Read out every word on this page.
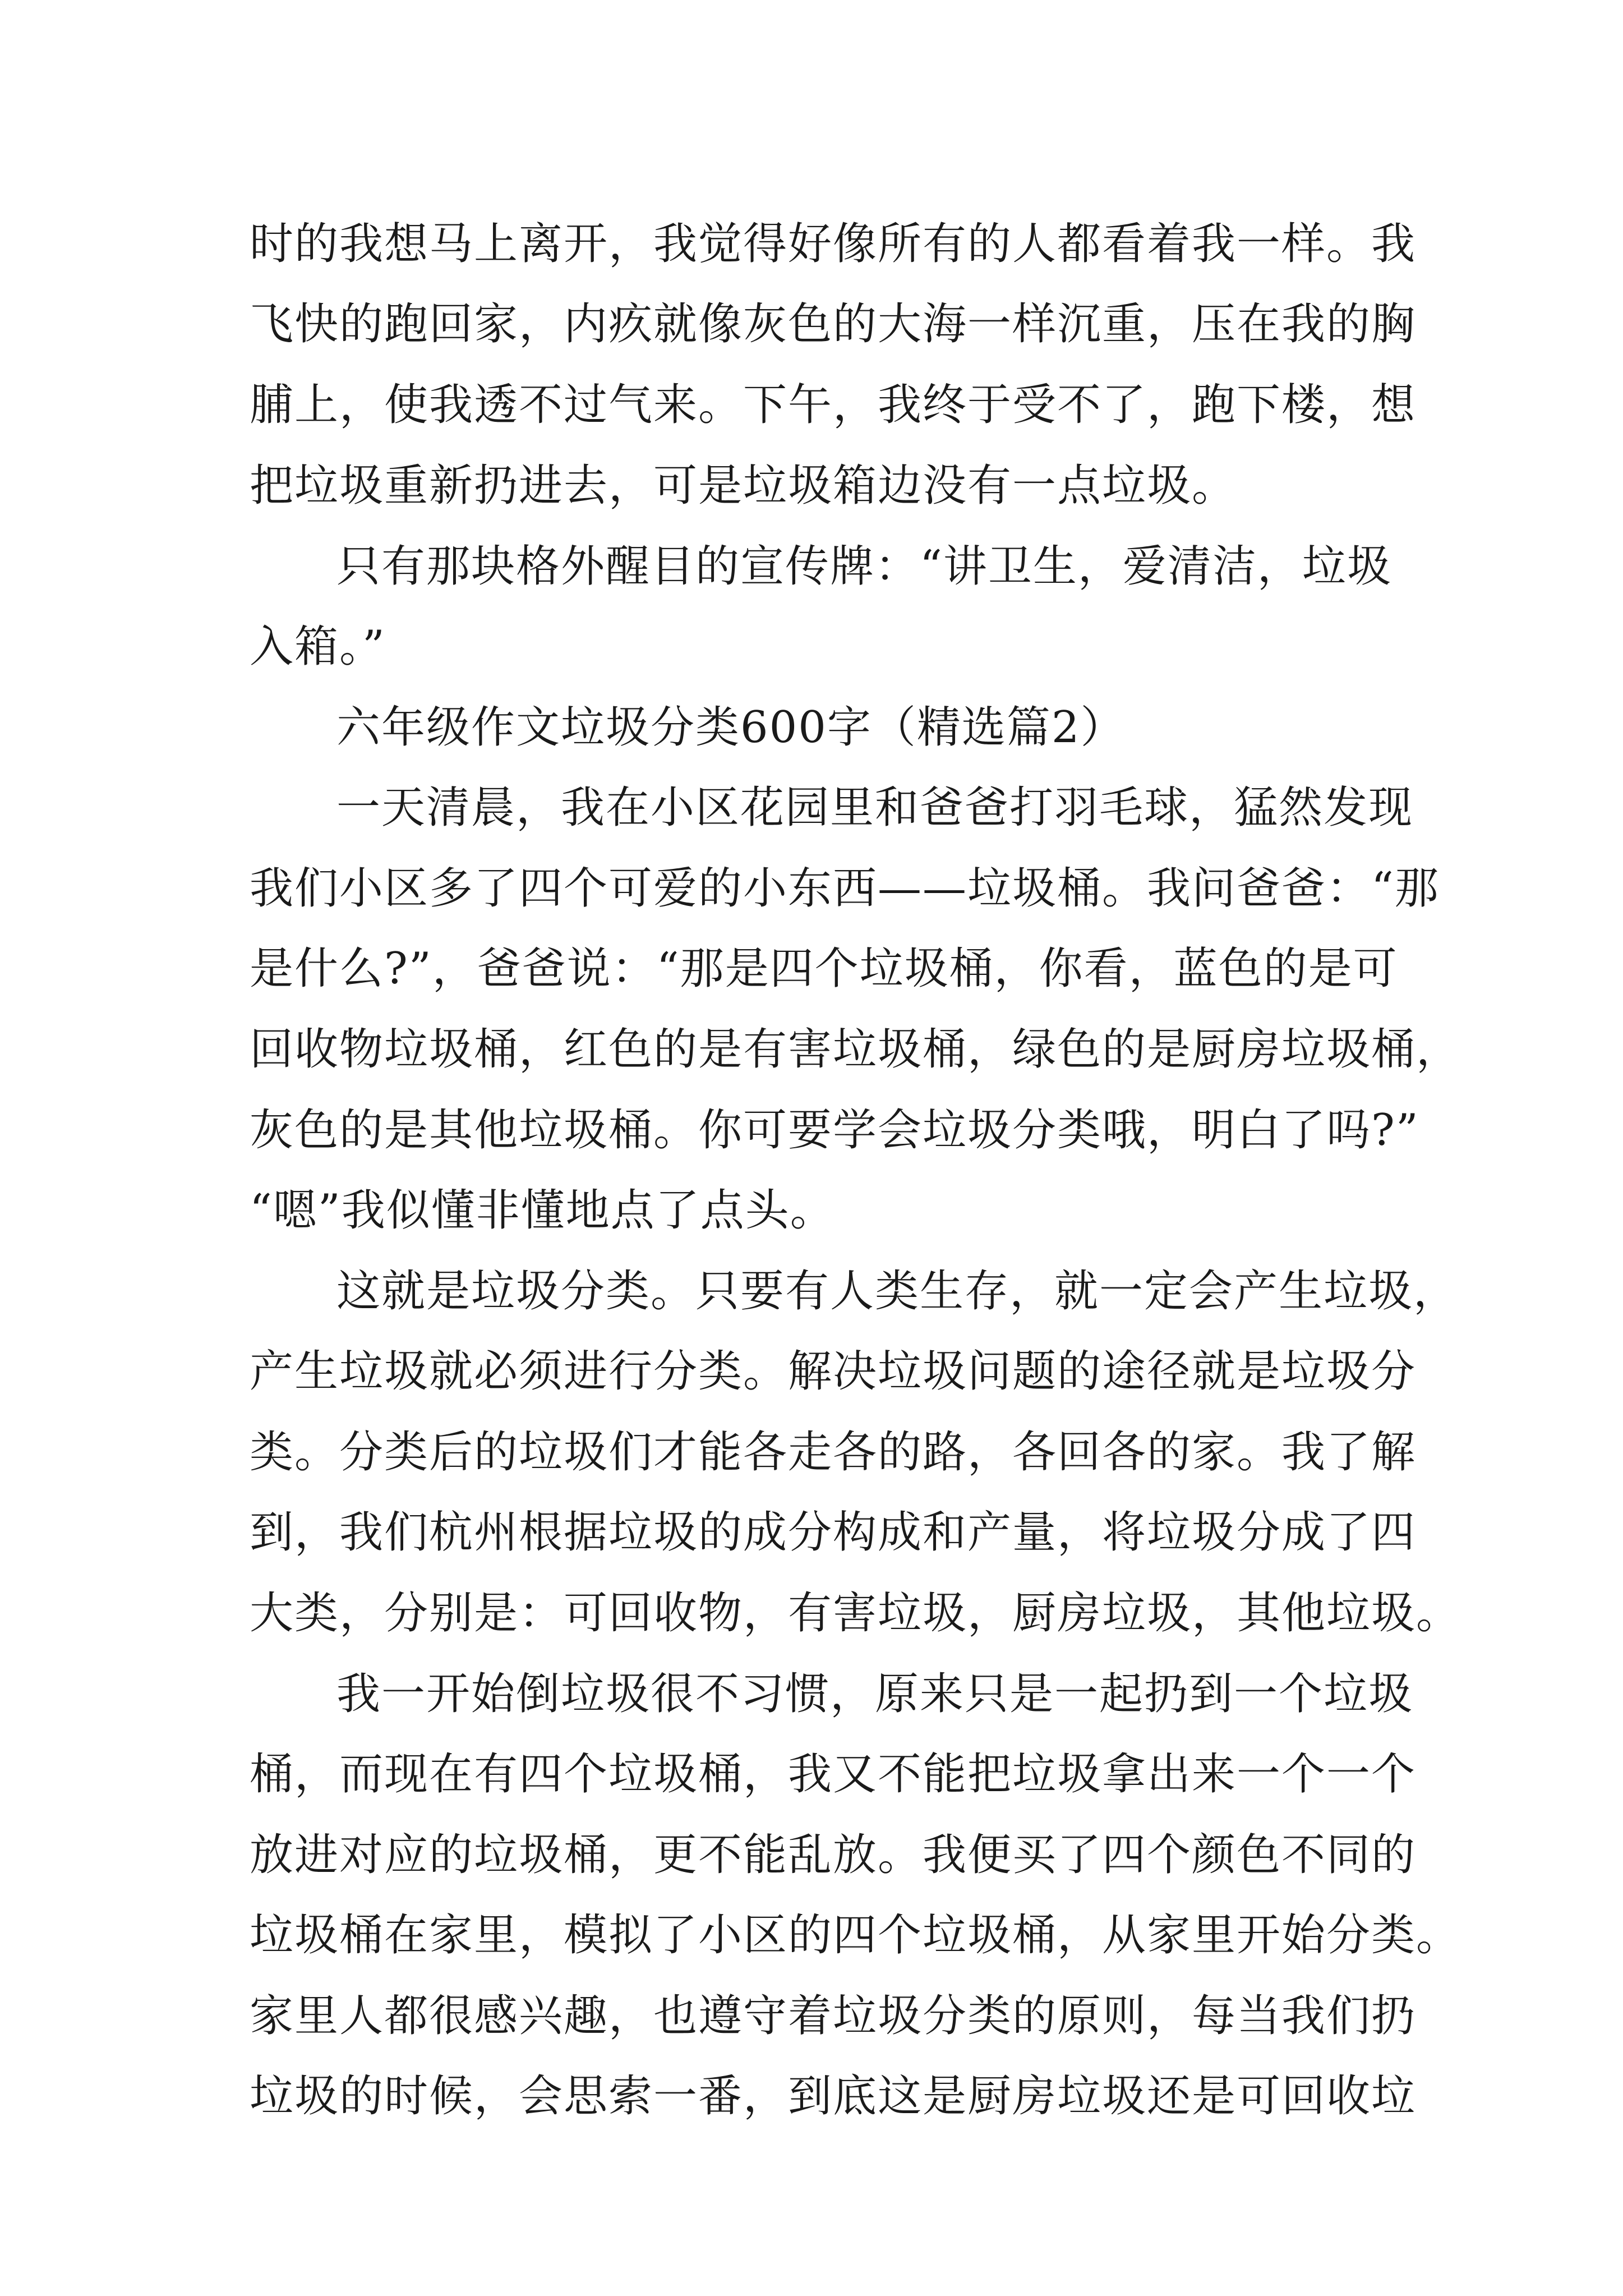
时的我想马上离开，我觉得好像所有的人都看着我一样。我
飞快的跑回家，内疚就像灰色的大海一样沉重，压在我的胸
脯上，使我透不过气来。下午，我终于受不了，跑下楼，想
把垃圾重新扔进去，可是垃圾箱边没有一点垃圾。
只有那块格外醒目的宣传牌：“讲卫生，爱清洁，垃圾
入箱。”
六年级作文垃圾分类600字（精选篇2）
一天清晨，我在小区花园里和爸爸打羽毛球，猛然发现
我们小区多了四个可爱的小东西——垃圾桶。我问爸爸：“那
是什么?”，爸爸说：“那是四个垃圾桶，你看，蓝色的是可
回收物垃圾桶，红色的是有害垃圾桶，绿色的是厨房垃圾桶，
灰色的是其他垃圾桶。你可要学会垃圾分类哦，明白了吗?”
“嗯”我似懂非懂地点了点头。
这就是垃圾分类。只要有人类生存，就一定会产生垃圾，
产生垃圾就必须进行分类。解决垃圾问题的途径就是垃圾分
类。分类后的垃圾们才能各走各的路，各回各的家。我了解
到，我们杭州根据垃圾的成分构成和产量，将垃圾分成了四
大类，分别是：可回收物，有害垃圾，厨房垃圾，其他垃圾。
我一开始倒垃圾很不习惯，原来只是一起扔到一个垃圾
桶，而现在有四个垃圾桶，我又不能把垃圾拿出来一个一个
放进对应的垃圾桶，更不能乱放。我便买了四个颜色不同的
垃圾桶在家里，模拟了小区的四个垃圾桶，从家里开始分类。
家里人都很感兴趣，也遵守着垃圾分类的原则，每当我们扔
垃圾的时候，会思索一番，到底这是厨房垃圾还是可回收垃
